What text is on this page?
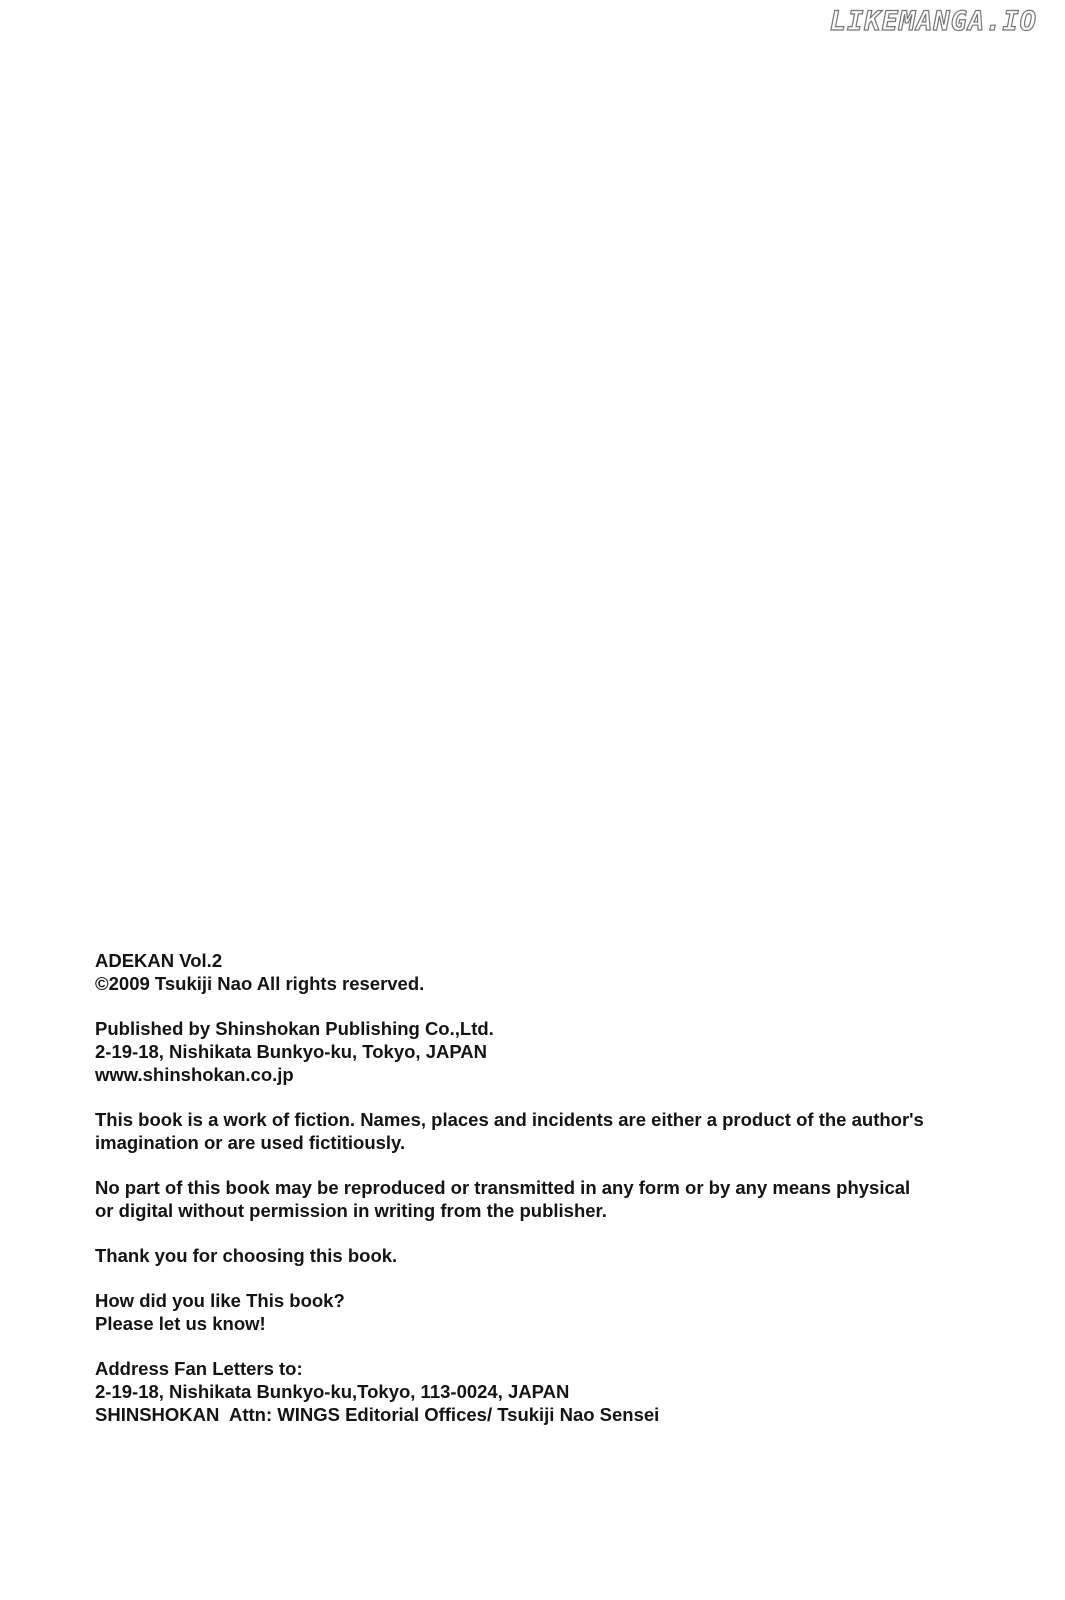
LIKEMANGA.IO
ADEKAN Vol.2
©2009 Tsukiji Nao All rights reserved.
Published by Shinshokan Publishing Co.,Ltd.
2-19-18, Nishikata Bunkyo-ku, Tokyo, JAPAN
www.shinshokan.co.jp
This book is a work of fiction. Names, places and incidents are either a product of the author's
imagination or are used fictitiously.
No part of this book may be reproduced or transmitted in any form or by any means physical
or digital without permission in writing from the publisher.
Thank you for choosing this book.
How did you like This book?
Please let us know!
Address Fan Letters to:
2-19-18, Nishikata Bunkyo-ku,Tokyo, 113-0024, JAPAN
SHINSHOKAN  Attn: WINGS Editorial Offices/ Tsukiji Nao Sensei
